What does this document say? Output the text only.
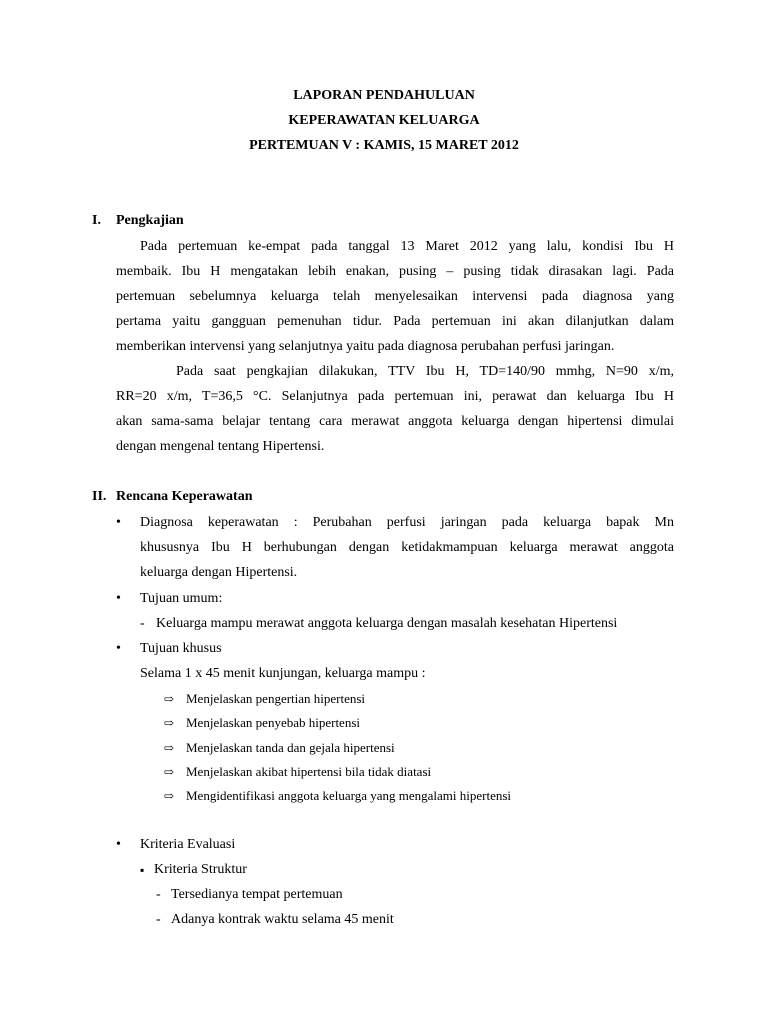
LAPORAN PENDAHULUAN
KEPERAWATAN KELUARGA
PERTEMUAN V : KAMIS, 15 MARET 2012
I. Pengkajian
Pada pertemuan ke-empat pada tanggal 13 Maret 2012 yang lalu, kondisi Ibu H
membaik. Ibu H mengatakan lebih enakan, pusing – pusing tidak dirasakan lagi. Pada
pertemuan sebelumnya keluarga telah menyelesaikan intervensi pada diagnosa yang
pertama yaitu gangguan pemenuhan tidur. Pada pertemuan ini akan dilanjutkan dalam
memberikan intervensi yang selanjutnya yaitu pada diagnosa perubahan perfusi jaringan.
Pada saat pengkajian dilakukan, TTV Ibu H, TD=140/90 mmhg, N=90 x/m,
RR=20 x/m, T=36,5 °C. Selanjutnya pada pertemuan ini, perawat dan keluarga Ibu H
akan sama-sama belajar tentang cara merawat anggota keluarga dengan hipertensi dimulai
dengan mengenal tentang Hipertensi.
II. Rencana Keperawatan
• Diagnosa keperawatan : Perubahan perfusi jaringan pada keluarga bapak Mn
khususnya Ibu H berhubungan dengan ketidakmampuan keluarga merawat anggota
keluarga dengan Hipertensi.
• Tujuan umum:
- Keluarga mampu merawat anggota keluarga dengan masalah kesehatan Hipertensi
• Tujuan khusus
Selama 1 x 45 menit kunjungan, keluarga mampu :
⇨ Menjelaskan pengertian hipertensi
⇨ Menjelaskan penyebab hipertensi
⇨ Menjelaskan tanda dan gejala hipertensi
⇨ Menjelaskan akibat hipertensi bila tidak diatasi
⇨ Mengidentifikasi anggota keluarga yang mengalami hipertensi
• Kriteria Evaluasi
▪ Kriteria Struktur
- Tersedianya tempat pertemuan
- Adanya kontrak waktu selama 45 menit
